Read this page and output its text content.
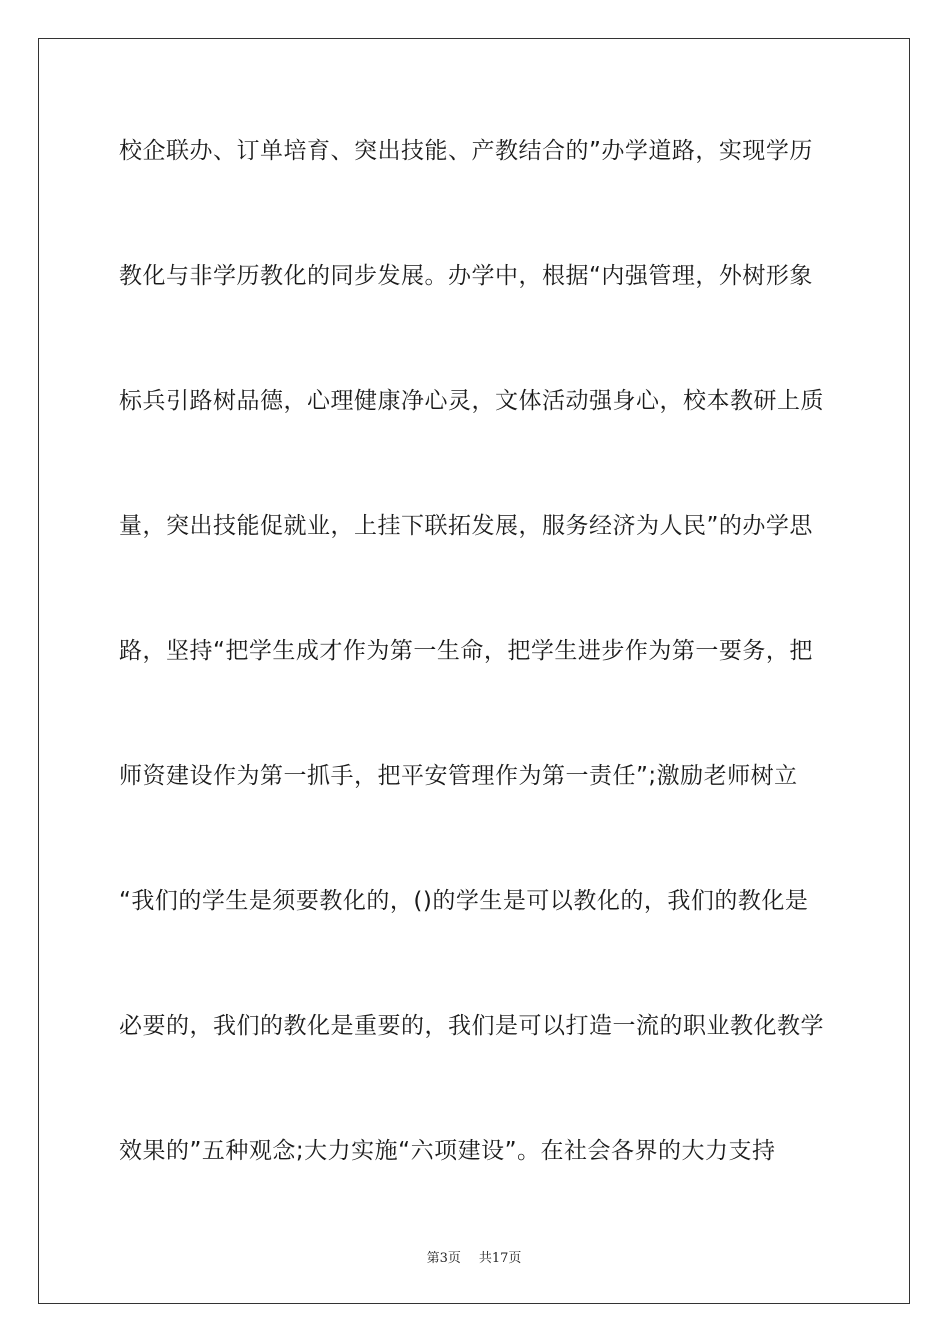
校企联办、订单培育、突出技能、产教结合的”办学道路，实现学历
教化与非学历教化的同步发展。办学中，根据“内强管理，外树形象
标兵引路树品德，心理健康净心灵，文体活动强身心，校本教研上质
量，突出技能促就业，上挂下联拓发展，服务经济为人民”的办学思
路，坚持“把学生成才作为第一生命，把学生进步作为第一要务，把
师资建设作为第一抓手，把平安管理作为第一责任”;激励老师树立
“我们的学生是须要教化的，()的学生是可以教化的，我们的教化是
必要的，我们的教化是重要的，我们是可以打造一流的职业教化教学
效果的”五种观念;大力实施“六项建设”。在社会各界的大力支持
第3页 共17页
